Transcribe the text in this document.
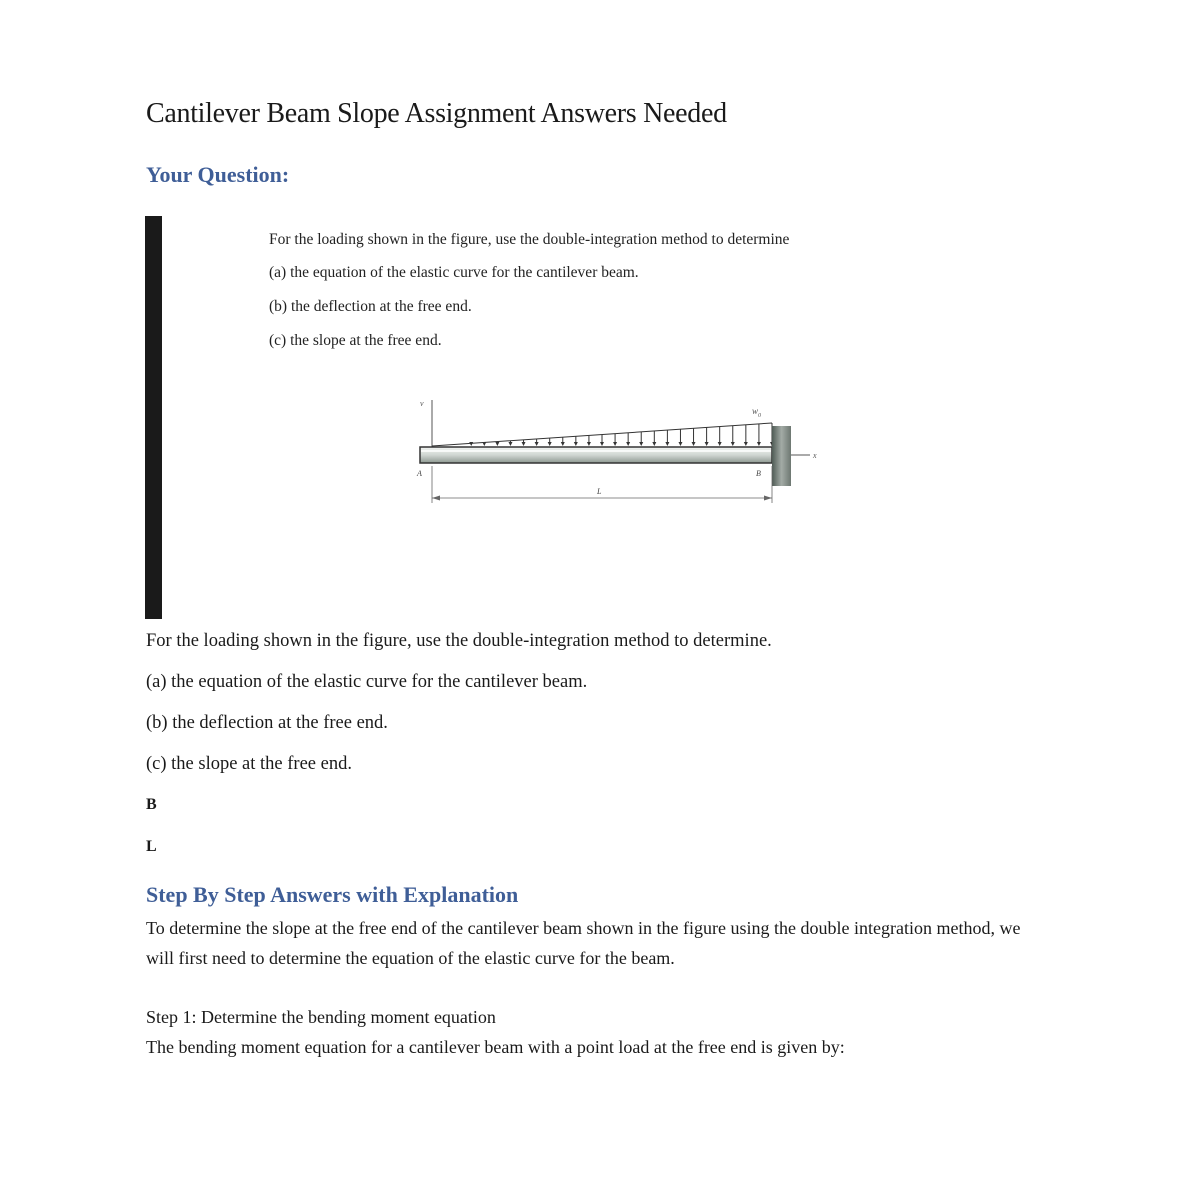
Cantilever Beam Slope Assignment Answers Needed
Your Question:

For the loading shown in the figure, use the double-integration method to determine

(a) the equation of the elastic curve for the cantilever beam.

(b) the deflection at the free end.

(c) the slope at the free end.

v
$w_0$
x
A	B
L

For the loading shown in the figure, use the double-integration method to determine.

(a) the equation of the elastic curve for the cantilever beam.

(b) the deflection at the free end.

(c) the slope at the free end.

B

L

Step By Step Answers with Explanation

To determine the slope at the free end of the cantilever beam shown in the figure using the double integration method, we will first need to determine the equation of the elastic curve for the beam.

Step 1: Determine the bending moment equation

The bending moment equation for a cantilever beam with a point load at the free end is given by:
